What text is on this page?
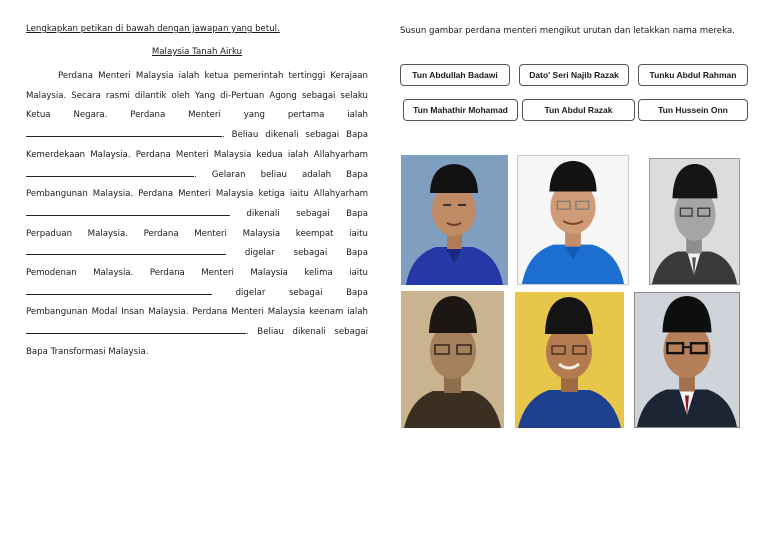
Lengkapkan petikan di bawah dengan jawapan yang betul.

Malaysia Tanah Airku

Perdana Menteri Malaysia ialah ketua pemerintah tertinggi Kerajaan Malaysia. Secara rasmi dilantik oleh Yang di-Pertuan Agong sebagai selaku Ketua Negara. Perdana Menteri yang pertama ialah . Beliau dikenali sebagai Bapa Kemerdekaan Malaysia. Perdana Menteri Malaysia kedua ialah Allahyarham . Gelaran beliau adalah Bapa Pembangunan Malaysia. Perdana Menteri Malaysia ketiga iaitu Allahyarham  dikenali sebagai Bapa Perpaduan Malaysia. Perdana Menteri Malaysia keempat iaitu  digelar sebagai Bapa Pemodenan Malaysia. Perdana Menteri Malaysia kelima iaitu  digelar sebagai Bapa Pembangunan Modal Insan Malaysia. Perdana Menteri Malaysia keenam ialah . Beliau dikenali sebagai Bapa Transformasi Malaysia.

Susun gambar perdana menteri mengikut urutan dan letakkan nama mereka.

Tun Abdullah Badawi	Dato' Seri Najib Razak	Tunku Abdul Rahman
Tun Mahathir Mohamad	Tun Abdul Razak	Tun Hussein Onn
